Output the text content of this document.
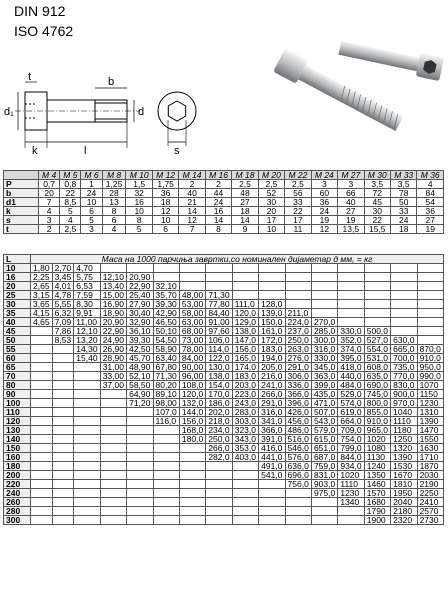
DIN 912
ISO 4762
t	b
d₁	d
k	l	s
	M 4	M 5	M 6	M 8	M 10	M 12	M 14	M 16	M 18	M 20	M 22	M 24	M 27	M 30	M 33	M 36
P	0,7	0,8	1	1,25	1,5	1,75	2	2	2,5	2,5	2,5	3	3	3,5	3,5	4
b	20	22	24	28	32	36	40	44	48	52	56	60	66	72	78	84
d1	7	8,5	10	13	16	18	21	24	27	30	33	36	40	45	50	54
k	4	5	6	8	10	12	14	16	18	20	22	24	27	30	33	36
s	3	4	5	6	8	10	12	14	14	17	17	19	19	22	24	27
t	2	2,5	3	4	5	6	7	8	9	10	11	12	13,5	15,5	18	19
L	Маса на 1000 парчиња завртки,со номинален дијаметар д мм, = кг															
10	1,80	2,70	4,70													
16	2,25	3,45	5,75	12,10	20,90											
20	2,65	4,01	6,53	13,40	22,90	32,10										
25	3,15	4,78	7,59	15,00	25,40	35,70	48,00	71,30								
30	3,65	5,55	8,30	16,90	27,90	39,30	53,00	77,80	111,0	128,0						
35	4,15	6,32	9,91	18,90	30,40	42,90	58,00	84,40	120,0	139,0	211,0					
40	4,65	7,09	11,00	20,90	32,90	46,50	63,00	91,00	129,0	150,0	224,0	270,0				
45		7,86	12,10	22,90	36,10	50,10	68,00	97,60	138,0	161,0	237,0	285,0	330,0	500,0		
50		8,53	13,20	24,90	39,30	54,50	73,00	106,0	147,0	172,0	250,0	300,0	352,0	527,0	630,0	
55			14,30	26,90	42,50	58,90	78,00	114,0	156,0	183,0	263,0	316,0	374,0	554,0	665,0	870,0
60			15,40	28,90	45,70	63,40	84,00	122,0	165,0	194,0	276,0	330,0	395,0	531,0	700,0	910,0
65				31,00	48,90	67,80	90,00	130,0	174,0	205,0	291,0	345,0	418,0	608,0	735,0	950,0
70				33,00	52,10	71,30	96,00	138,0	183,0	216,0	306,0	363,0	440,0	635,0	770,0	990,0
80				37,00	58,50	80,20	108,0	154,0	203,0	241,0	336,0	399,0	484,0	690,0	830,0	1070
90					64,90	89,10	120,0	170,0	223,0	266,0	366,0	435,0	529,0	745,0	900,0	1150
100					71,20	98,00	132,0	186,0	243,0	291,0	396,0	471,0	574,0	800,0	970,0	1230
110						107,0	144,0	202,0	283,0	316,0	426,0	507,0	619,0	855,0	1040	1310
120						116,0	156,0	218,0	303,0	341,0	456,0	543,0	664,0	910,0	1110	1390
130							168,0	234,0	323,0	366,0	486,0	579,0	709,0	965,0	1180	1470
140							180,0	250,0	343,0	391,0	516,0	615,0	754,0	1020	1250	1550
150								266,0	353,0	416,0	546,0	651,0	799,0	1080	1320	1630
160								282,0	403,0	441,0	576,0	687,0	844,0	1130	1390	1710
180										491,0	636,0	759,0	934,0	1240	1530	1870
200										541,0	696,0	831,0	1020	1350	1670	2030
220											756,0	903,0	1110	1460	1810	2190
240												975,0	1230	1570	1950	2250
260													1340	1680	2040	2410
280														1790	2180	2570
300														1900	2320	2730
